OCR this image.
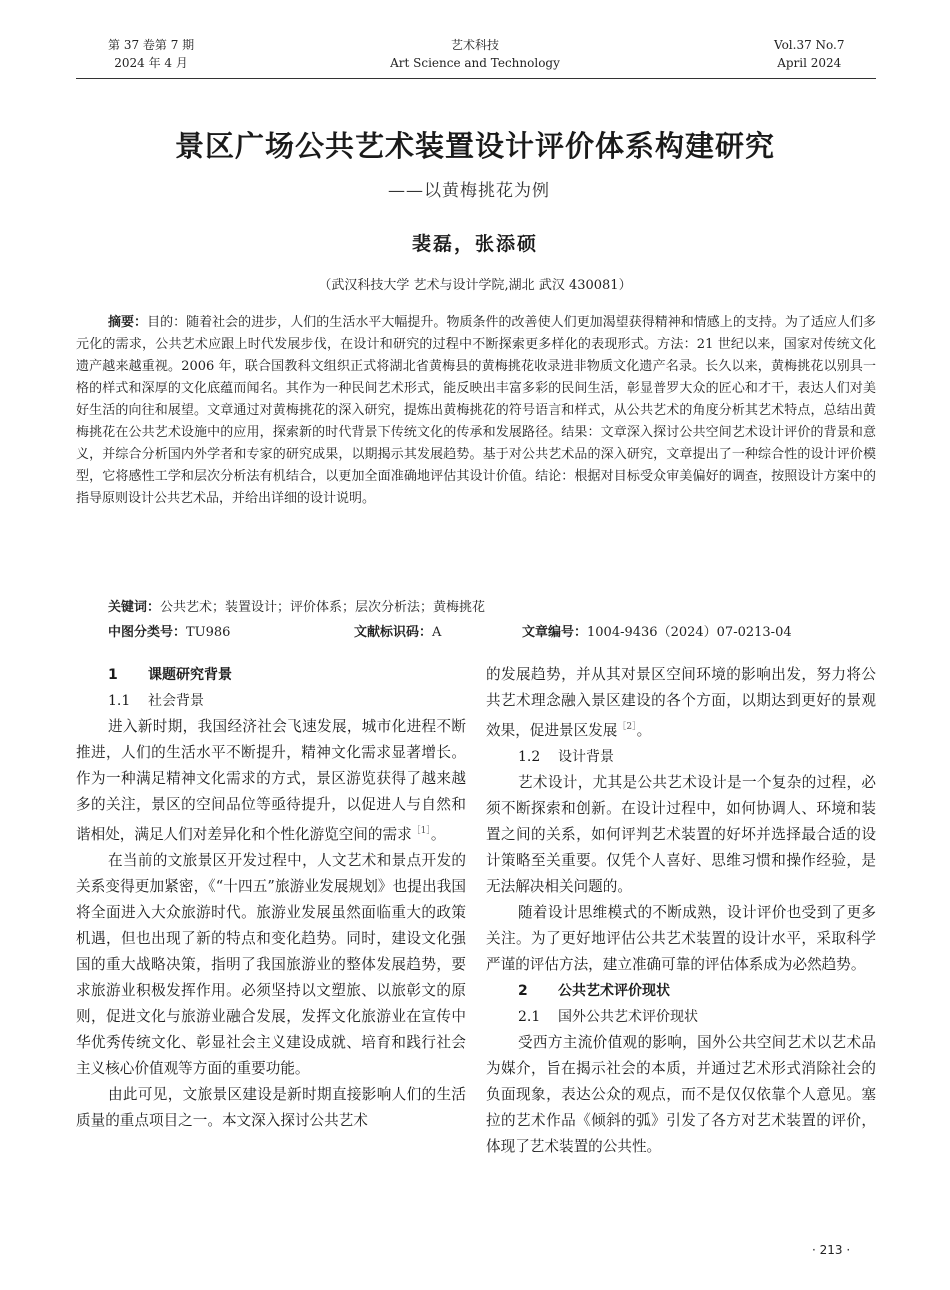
第 37 卷第 7 期
2024 年 4 月
艺术科技
Art Science and Technology
Vol.37 No.7
April 2024
景区广场公共艺术装置设计评价体系构建研究
——以黄梅挑花为例
裴磊，张添硕
（武汉科技大学 艺术与设计学院,湖北 武汉 430081）

摘要：目的：随着社会的进步，人们的生活水平大幅提升。物质条件的改善使人们更加渴望获得精神和情感上的支持。为了适应人们多元化的需求，公共艺术应跟上时代发展步伐，在设计和研究的过程中不断探索更多样化的表现形式。方法：21 世纪以来，国家对传统文化遗产越来越重视。2006 年，联合国教科文组织正式将湖北省黄梅县的黄梅挑花收录进非物质文化遗产名录。长久以来，黄梅挑花以别具一格的样式和深厚的文化底蕴而闻名。其作为一种民间艺术形式，能反映出丰富多彩的民间生活，彰显普罗大众的匠心和才干，表达人们对美好生活的向往和展望。文章通过对黄梅挑花的深入研究，提炼出黄梅挑花的符号语言和样式，从公共艺术的角度分析其艺术特点，总结出黄梅挑花在公共艺术设施中的应用，探索新的时代背景下传统文化的传承和发展路径。结果：文章深入探讨公共空间艺术设计评价的背景和意义，并综合分析国内外学者和专家的研究成果，以期揭示其发展趋势。基于对公共艺术品的深入研究，文章提出了一种综合性的设计评价模型，它将感性工学和层次分析法有机结合，以更加全面准确地评估其设计价值。结论：根据对目标受众审美偏好的调查，按照设计方案中的指导原则设计公共艺术品，并给出详细的设计说明。

关键词：公共艺术；装置设计；评价体系；层次分析法；黄梅挑花
中图分类号：TU986	文献标识码：A	文章编号：1004-9436（2024）07-0213-04
1 课题研究背景
1.1 社会背景

进入新时期，我国经济社会飞速发展，城市化进程不断推进，人们的生活水平不断提升，精神文化需求显著增长。作为一种满足精神文化需求的方式，景区游览获得了越来越多的关注，景区的空间品位等亟待提升，以促进人与自然和谐相处，满足人们对差异化和个性化游览空间的需求$^{[1]}$。

在当前的文旅景区开发过程中，人文艺术和景点开发的关系变得更加紧密，《“十四五”旅游业发展规划》也提出我国将全面进入大众旅游时代。旅游业发展虽然面临重大的政策机遇，但也出现了新的特点和变化趋势。同时，建设文化强国的重大战略决策，指明了我国旅游业的整体发展趋势，要求旅游业积极发挥作用。必须坚持以文塑旅、以旅彰文的原则，促进文化与旅游业融合发展，发挥文化旅游业在宣传中华优秀传统文化、彰显社会主义建设成就、培育和践行社会主义核心价值观等方面的重要功能。

由此可见，文旅景区建设是新时期直接影响人们的生活质量的重点项目之一。本文深入探讨公共艺术

的发展趋势，并从其对景区空间环境的影响出发，努力将公共艺术理念融入景区建设的各个方面，以期达到更好的景观效果，促进景区发展$^{[2]}$。

1.2 设计背景

艺术设计，尤其是公共艺术设计是一个复杂的过程，必须不断探索和创新。在设计过程中，如何协调人、环境和装置之间的关系，如何评判艺术装置的好坏并选择最合适的设计策略至关重要。仅凭个人喜好、思维习惯和操作经验，是无法解决相关问题的。

随着设计思维模式的不断成熟，设计评价也受到了更多关注。为了更好地评估公共艺术装置的设计水平，采取科学严谨的评估方法，建立准确可靠的评估体系成为必然趋势。

2 公共艺术评价现状
2.1 国外公共艺术评价现状

受西方主流价值观的影响，国外公共空间艺术以艺术品为媒介，旨在揭示社会的本质，并通过艺术形式消除社会的负面现象，表达公众的观点，而不是仅仅依靠个人意见。塞拉的艺术作品《倾斜的弧》引发了各方对艺术装置的评价，体现了艺术装置的公共性。

· 213 ·
